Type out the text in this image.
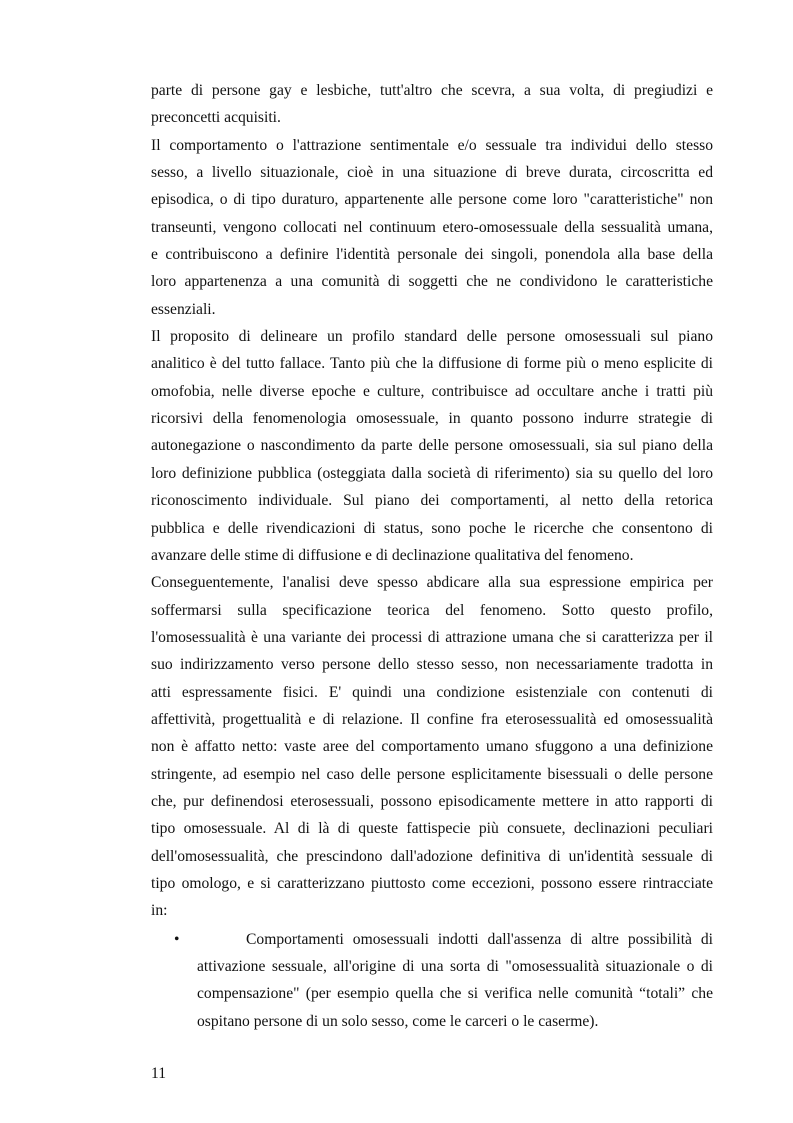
parte di persone gay e lesbiche, tutt'altro che scevra, a sua volta, di pregiudizi e
preconcetti acquisiti.
Il comportamento o l'attrazione sentimentale e/o sessuale tra individui dello stesso
sesso, a livello situazionale, cioè in una situazione di breve durata, circoscritta ed
episodica, o di tipo duraturo, appartenente alle persone come loro "caratteristiche" non
transeunti, vengono collocati nel continuum etero-omosessuale della sessualità umana,
e contribuiscono a definire l'identità personale dei singoli, ponendola alla base della
loro appartenenza a una comunità di soggetti che ne condividono le caratteristiche
essenziali.
Il proposito di delineare un profilo standard delle persone omosessuali sul piano
analitico è del tutto fallace. Tanto più che la diffusione di forme più o meno esplicite di
omofobia, nelle diverse epoche e culture, contribuisce ad occultare anche i tratti più
ricorsivi della fenomenologia omosessuale, in quanto possono indurre strategie di
autonegazione o nascondimento da parte delle persone omosessuali, sia sul piano della
loro definizione pubblica (osteggiata dalla società di riferimento) sia su quello del loro
riconoscimento individuale. Sul piano dei comportamenti, al netto della retorica
pubblica e delle rivendicazioni di status, sono poche le ricerche che consentono di
avanzare delle stime di diffusione e di declinazione qualitativa del fenomeno.
Conseguentemente, l'analisi deve spesso abdicare alla sua espressione empirica per
soffermarsi sulla specificazione teorica del fenomeno. Sotto questo profilo,
l'omosessualità è una variante dei processi di attrazione umana che si caratterizza per il
suo indirizzamento verso persone dello stesso sesso, non necessariamente tradotta in
atti espressamente fisici. E' quindi una condizione esistenziale con contenuti di
affettività, progettualità e di relazione. Il confine fra eterosessualità ed omosessualità
non è affatto netto: vaste aree del comportamento umano sfuggono a una definizione
stringente, ad esempio nel caso delle persone esplicitamente bisessuali o delle persone
che, pur definendosi eterosessuali, possono episodicamente mettere in atto rapporti di
tipo omosessuale. Al di là di queste fattispecie più consuete, declinazioni peculiari
dell'omosessualità, che prescindono dall'adozione definitiva di un'identità sessuale di
tipo omologo, e si caratterizzano piuttosto come eccezioni, possono essere rintracciate
in:
•	Comportamenti omosessuali indotti dall'assenza di altre possibilità di
attivazione sessuale, all'origine di una sorta di "omosessualità situazionale o di
compensazione" (per esempio quella che si verifica nelle comunità “totali” che
ospitano persone di un solo sesso, come le carceri o le caserme).
11
